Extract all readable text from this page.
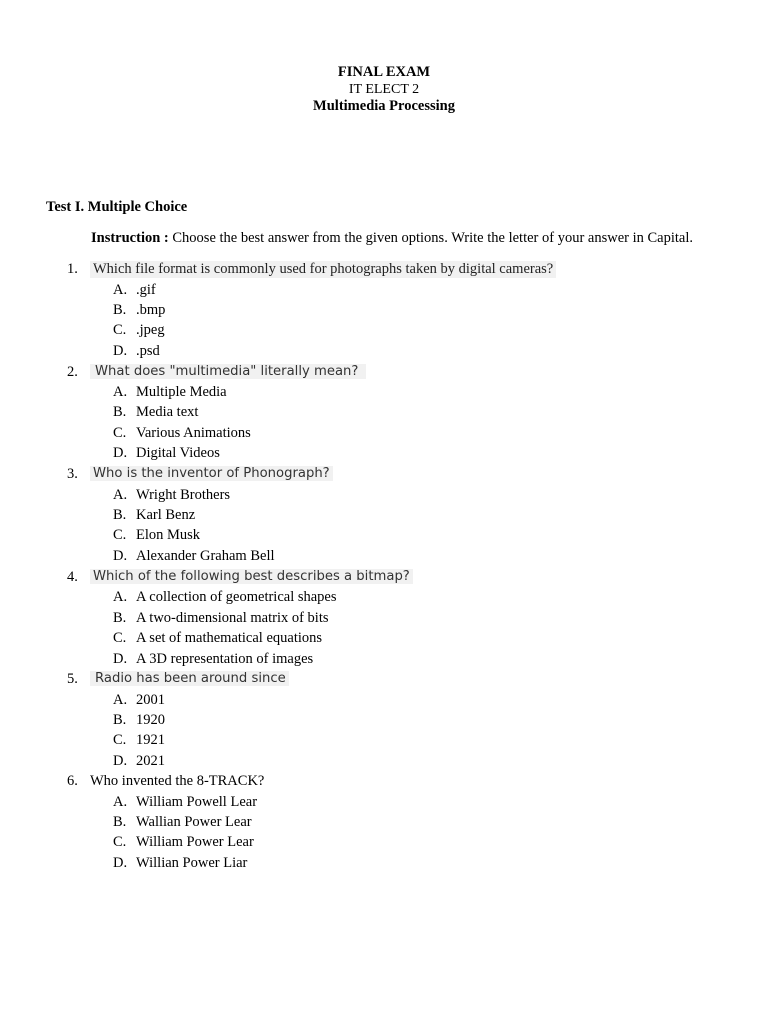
FINAL EXAM
IT ELECT 2
Multimedia Processing
Test I. Multiple Choice
Instruction : Choose the best answer from the given options. Write the letter of your answer in Capital.
1.	Which file format is commonly used for photographs taken by digital cameras?
A. .gif
B. .bmp
C. .jpeg
D. .psd
2.	What does "multimedia" literally mean?
A. Multiple Media
B. Media text
C. Various Animations
D. Digital Videos
3.	Who is the inventor of Phonograph?
A. Wright Brothers
B. Karl Benz
C. Elon Musk
D. Alexander Graham Bell
4.	Which of the following best describes a bitmap?
A. A collection of geometrical shapes
B. A two-dimensional matrix of bits
C. A set of mathematical equations
D. A 3D representation of images
5.	Radio has been around since
A. 2001
B. 1920
C. 1921
D. 2021
6. Who invented the 8-TRACK?
A. William Powell Lear
B. Wallian Power Lear
C. William Power Lear
D. Willian Power Liar
